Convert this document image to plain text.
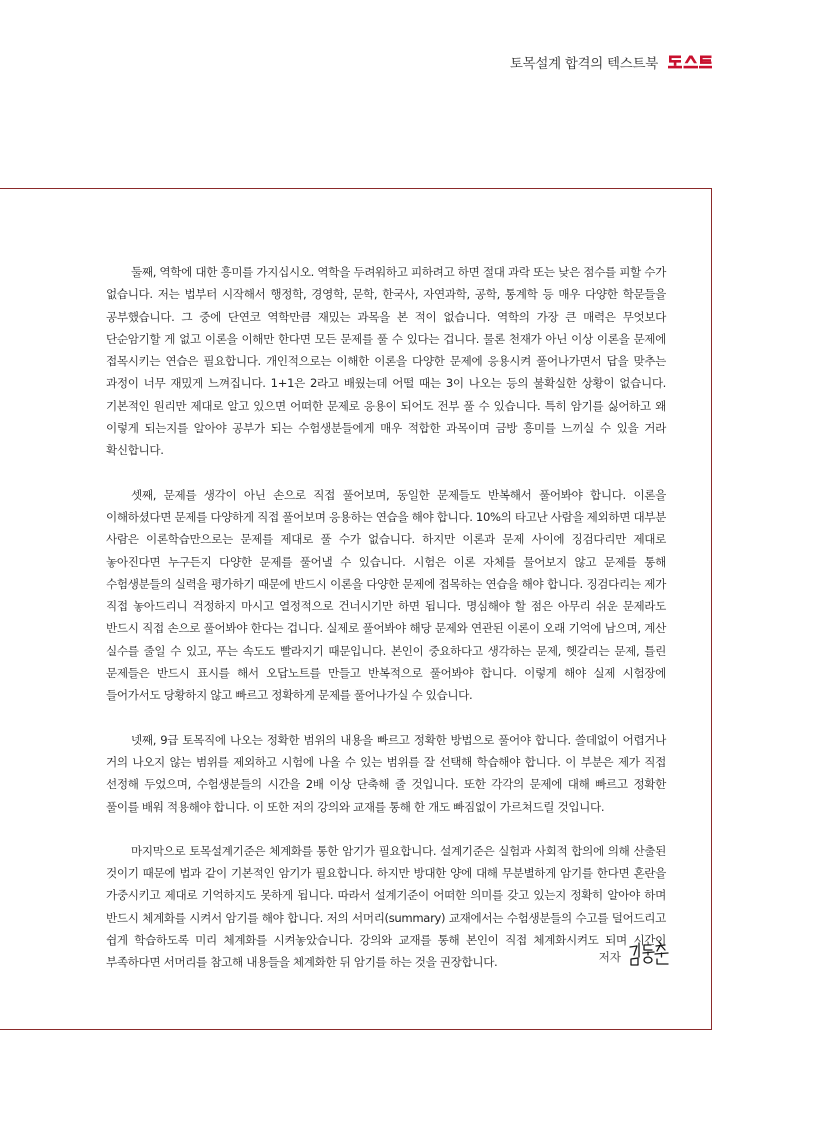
토목설계 합격의 텍스트북

둘째, 역학에 대한 흥미를 가지십시오. 역학을 두려워하고 피하려고 하면 절대 과락 또는 낮은 점수를 피할 수가 없습니다. 저는 법부터 시작해서 행정학, 경영학, 문학, 한국사, 자연과학, 공학, 통계학 등 매우 다양한 학문들을 공부했습니다. 그 중에 단연코 역학만큼 재밌는 과목을 본 적이 없습니다. 역학의 가장 큰 매력은 무엇보다 단순암기할 게 없고 이론을 이해만 한다면 모든 문제를 풀 수 있다는 겁니다. 물론 천재가 아닌 이상 이론을 문제에 접목시키는 연습은 필요합니다. 개인적으로는 이해한 이론을 다양한 문제에 응용시켜 풀어나가면서 답을 맞추는 과정이 너무 재밌게 느껴집니다. 1+1은 2라고 배웠는데 어떨 때는 3이 나오는 등의 불확실한 상황이 없습니다. 기본적인 원리만 제대로 알고 있으면 어떠한 문제로 응용이 되어도 전부 풀 수 있습니다. 특히 암기를 싫어하고 왜 이렇게 되는지를 알아야 공부가 되는 수험생분들에게 매우 적합한 과목이며 금방 흥미를 느끼실 수 있을 거라 확신합니다.

셋째, 문제를 생각이 아닌 손으로 직접 풀어보며, 동일한 문제들도 반복해서 풀어봐야 합니다. 이론을 이해하셨다면 문제를 다양하게 직접 풀어보며 응용하는 연습을 해야 합니다. 10%의 타고난 사람을 제외하면 대부분 사람은 이론학습만으로는 문제를 제대로 풀 수가 없습니다. 하지만 이론과 문제 사이에 징검다리만 제대로 놓아진다면 누구든지 다양한 문제를 풀어낼 수 있습니다. 시험은 이론 자체를 물어보지 않고 문제를 통해 수험생분들의 실력을 평가하기 때문에 반드시 이론을 다양한 문제에 접목하는 연습을 해야 합니다. 징검다리는 제가 직접 놓아드리니 걱정하지 마시고 열정적으로 건너시기만 하면 됩니다. 명심해야 할 점은 아무리 쉬운 문제라도 반드시 직접 손으로 풀어봐야 한다는 겁니다. 실제로 풀어봐야 해당 문제와 연관된 이론이 오래 기억에 남으며, 계산 실수를 줄일 수 있고, 푸는 속도도 빨라지기 때문입니다. 본인이 중요하다고 생각하는 문제, 헷갈리는 문제, 틀린 문제들은 반드시 표시를 해서 오답노트를 만들고 반복적으로 풀어봐야 합니다. 이렇게 해야 실제 시험장에 들어가서도 당황하지 않고 빠르고 정확하게 문제를 풀어나가실 수 있습니다.

넷째, 9급 토목직에 나오는 정확한 범위의 내용을 빠르고 정확한 방법으로 풀어야 합니다. 쓸데없이 어렵거나 거의 나오지 않는 범위를 제외하고 시험에 나올 수 있는 범위를 잘 선택해 학습해야 합니다. 이 부분은 제가 직접 선정해 두었으며, 수험생분들의 시간을 2배 이상 단축해 줄 것입니다. 또한 각각의 문제에 대해 빠르고 정확한 풀이를 배워 적용해야 합니다. 이 또한 저의 강의와 교재를 통해 한 개도 빠짐없이 가르쳐드릴 것입니다.

마지막으로 토목설계기준은 체계화를 통한 암기가 필요합니다. 설계기준은 실험과 사회적 합의에 의해 산출된 것이기 때문에 법과 같이 기본적인 암기가 필요합니다. 하지만 방대한 양에 대해 무분별하게 암기를 한다면 혼란을 가중시키고 제대로 기억하지도 못하게 됩니다. 따라서 설계기준이 어떠한 의미를 갖고 있는지 정확히 알아야 하며 반드시 체계화를 시켜서 암기를 해야 합니다. 저의 서머리(summary) 교재에서는 수험생분들의 수고를 덜어드리고 쉽게 학습하도록 미리 체계화를 시켜놓았습니다. 강의와 교재를 통해 본인이 직접 체계화시켜도 되며 시간이 부족하다면 서머리를 참고해 내용들을 체계화한 뒤 암기를 하는 것을 권장합니다.	저자
